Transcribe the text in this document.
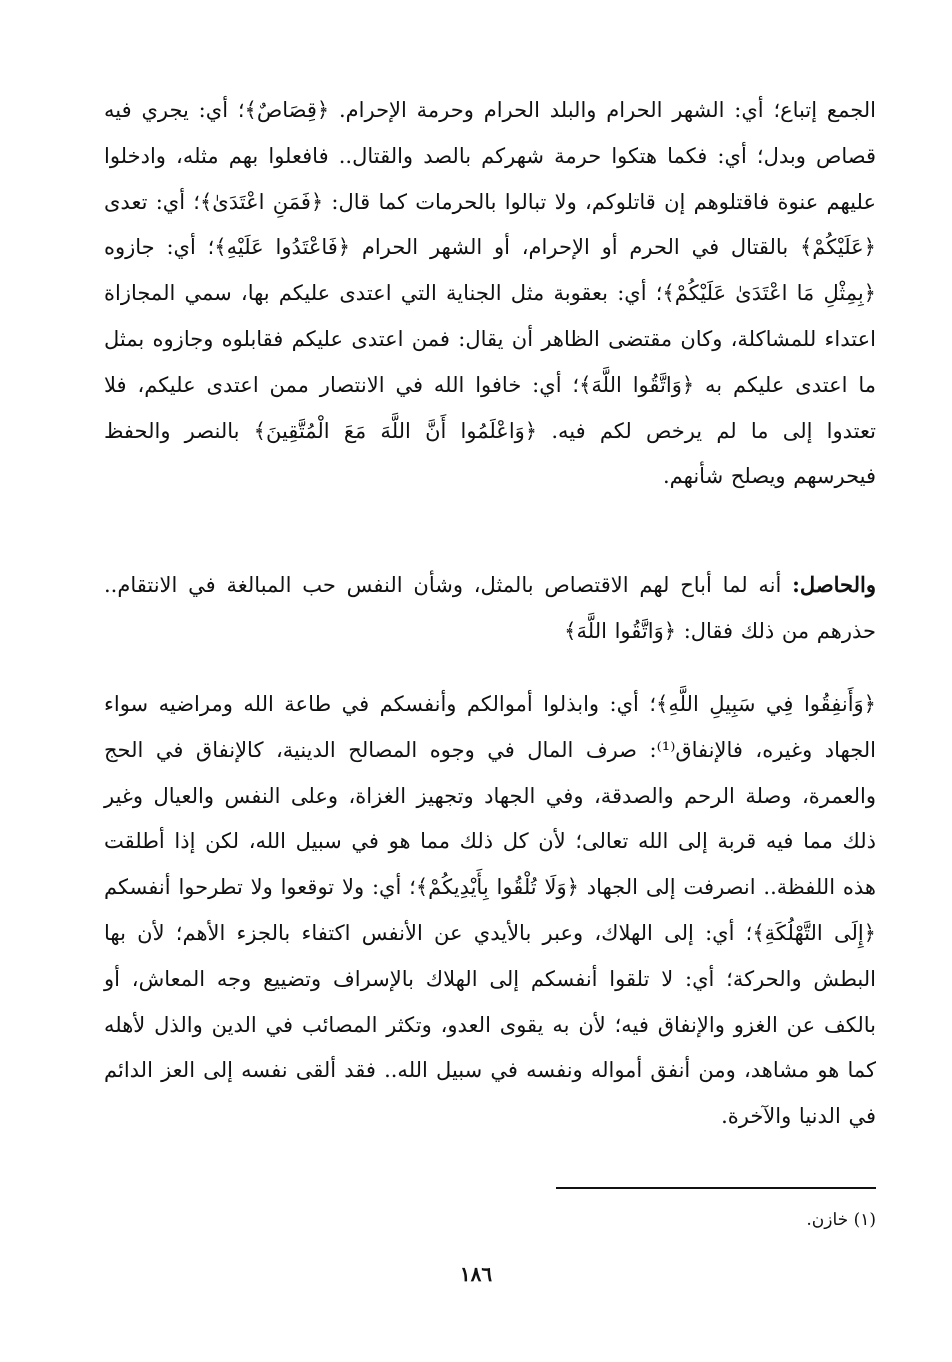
الجمع إتباع؛ أي: الشهر الحرام والبلد الحرام وحرمة الإحرام. ﴿قِصَاصٌ﴾؛ أي: يجري فيه قصاص وبدل؛ أي: فكما هتكوا حرمة شهركم بالصد والقتال.. فافعلوا بهم مثله، وادخلوا عليهم عنوة فاقتلوهم إن قاتلوكم، ولا تبالوا بالحرمات كما قال: ﴿فَمَنِ اعْتَدَىٰ﴾؛ أي: تعدى ﴿عَلَيْكُمْ﴾ بالقتال في الحرم أو الإحرام، أو الشهر الحرام ﴿فَاعْتَدُوا عَلَيْهِ﴾؛ أي: جازوه ﴿بِمِثْلِ مَا اعْتَدَىٰ عَلَيْكُمْ﴾؛ أي: بعقوبة مثل الجناية التي اعتدى عليكم بها، سمي المجازاة اعتداء للمشاكلة، وكان مقتضى الظاهر أن يقال: فمن اعتدى عليكم فقابلوه وجازوه بمثل ما اعتدى عليكم به ﴿وَاتَّقُوا اللَّهَ﴾؛ أي: خافوا الله في الانتصار ممن اعتدى عليكم، فلا تعتدوا إلى ما لم يرخص لكم فيه. ﴿وَاعْلَمُوا أَنَّ اللَّهَ مَعَ الْمُتَّقِينَ﴾ بالنصر والحفظ فيحرسهم ويصلح شأنهم.

والحاصل: أنه لما أباح لهم الاقتصاص بالمثل، وشأن النفس حب المبالغة في الانتقام.. حذرهم من ذلك فقال: ﴿وَاتَّقُوا اللَّهَ﴾

﴿وَأَنفِقُوا فِي سَبِيلِ اللَّهِ﴾؛ أي: وابذلوا أموالكم وأنفسكم في طاعة الله ومراضيه سواء الجهاد وغيره، فالإنفاق⁽¹⁾: صرف المال في وجوه المصالح الدينية، كالإنفاق في الحج والعمرة، وصلة الرحم والصدقة، وفي الجهاد وتجهيز الغزاة، وعلى النفس والعيال وغير ذلك مما فيه قربة إلى الله تعالى؛ لأن كل ذلك مما هو في سبيل الله، لكن إذا أطلقت هذه اللفظة.. انصرفت إلى الجهاد ﴿وَلَا تُلْقُوا بِأَيْدِيكُمْ﴾؛ أي: ولا توقعوا ولا تطرحوا أنفسكم ﴿إِلَى التَّهْلُكَةِ﴾؛ أي: إلى الهلاك، وعبر بالأيدي عن الأنفس اكتفاء بالجزء الأهم؛ لأن بها البطش والحركة؛ أي: لا تلقوا أنفسكم إلى الهلاك بالإسراف وتضييع وجه المعاش، أو بالكف عن الغزو والإنفاق فيه؛ لأن به يقوى العدو، وتكثر المصائب في الدين والذل لأهله كما هو مشاهد، ومن أنفق أمواله ونفسه في سبيل الله.. فقد ألقى نفسه إلى العز الدائم في الدنيا والآخرة.

(١) خازن.
١٨٦
